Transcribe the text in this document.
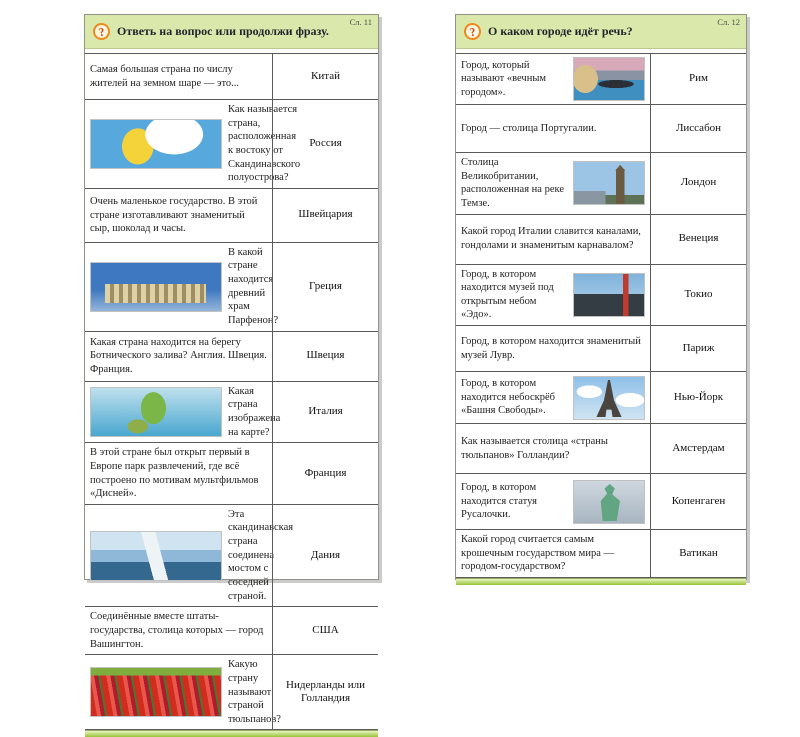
? Ответь на вопрос или продолжи фразу.
Сл. 11
Самая большая страна по числу жителей на земном шаре — это...
Китай
Как называется страна, расположенная к востоку от Скандинавского полуострова?
Россия
Очень маленькое государство. В этой стране изготавливают знаменитый сыр, шоколад и часы.
Швейцария
В какой стране находится древний храм Парфенон?
Греция
Какая страна находится на берегу Ботнического залива? Англия. Швеция. Франция.
Швеция
Какая страна изображена на карте?
Италия
В этой стране был открыт первый в Европе парк развлечений, где всё построено по мотивам мультфильмов «Дисней».
Франция
Эта скандинавская страна соединена мостом с соседней страной.
Дания
Соединённые вместе штаты-государства, столица которых — город Вашингтон.
США
Какую страну называют страной тюльпанов?
Нидерланды или Голландия
? О каком городе идёт речь?
Сл. 12
Город, который называют «вечным городом».
Рим
Город — столица Португалии.	Лиссабон
Столица Великобритании, расположенная на реке Темзе.
Лондон
Какой город Италии славится каналами, гондолами и знаменитым карнавалом?
Венеция
Город, в котором находится музей под открытым небом «Эдо».
Токио
Город, в котором находится знаменитый музей Лувр.
Париж
Город, в котором находится небоскрёб «Башня Свободы».
Нью-Йорк
Как называется столица «страны тюльпанов» Голландии?
Амстердам
Город, в котором находится статуя Русалочки.
Копенгаген
Какой город считается самым крошечным государством мира — городом-государством?
Ватикан
